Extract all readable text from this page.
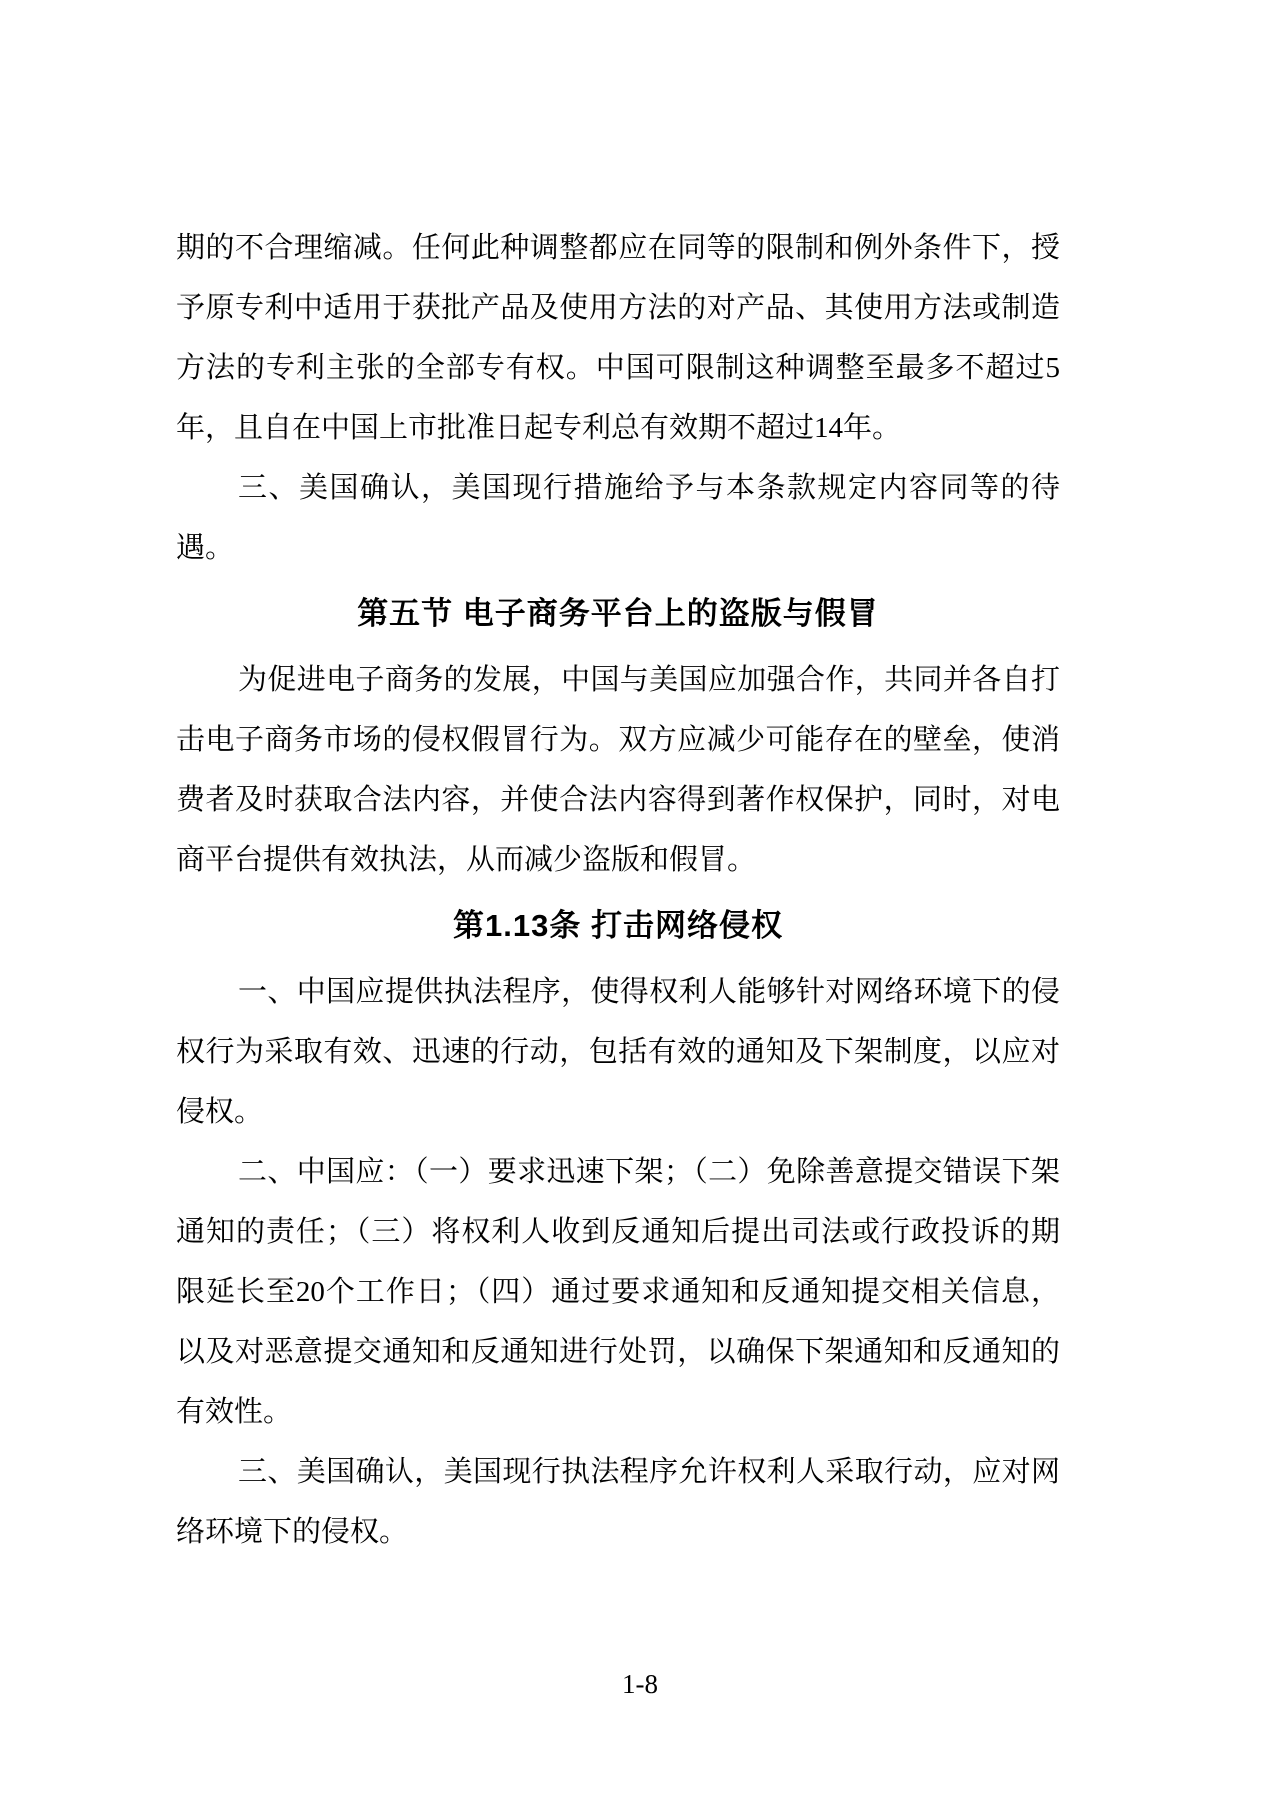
期的不合理缩减。任何此种调整都应在同等的限制和例外条件下，授予原专利中适用于获批产品及使用方法的对产品、其使用方法或制造方法的专利主张的全部专有权。中国可限制这种调整至最多不超过5年，且自在中国上市批准日起专利总有效期不超过14年。

三、美国确认，美国现行措施给予与本条款规定内容同等的待遇。

第五节 电子商务平台上的盗版与假冒

为促进电子商务的发展，中国与美国应加强合作，共同并各自打击电子商务市场的侵权假冒行为。双方应减少可能存在的壁垒，使消费者及时获取合法内容，并使合法内容得到著作权保护，同时，对电商平台提供有效执法，从而减少盗版和假冒。

第1.13条 打击网络侵权

一、中国应提供执法程序，使得权利人能够针对网络环境下的侵权行为采取有效、迅速的行动，包括有效的通知及下架制度，以应对侵权。

二、中国应：（一）要求迅速下架；（二）免除善意提交错误下架通知的责任；（三）将权利人收到反通知后提出司法或行政投诉的期限延长至20个工作日；（四）通过要求通知和反通知提交相关信息，以及对恶意提交通知和反通知进行处罚，以确保下架通知和反通知的有效性。

三、美国确认，美国现行执法程序允许权利人采取行动，应对网络环境下的侵权。

1-8
